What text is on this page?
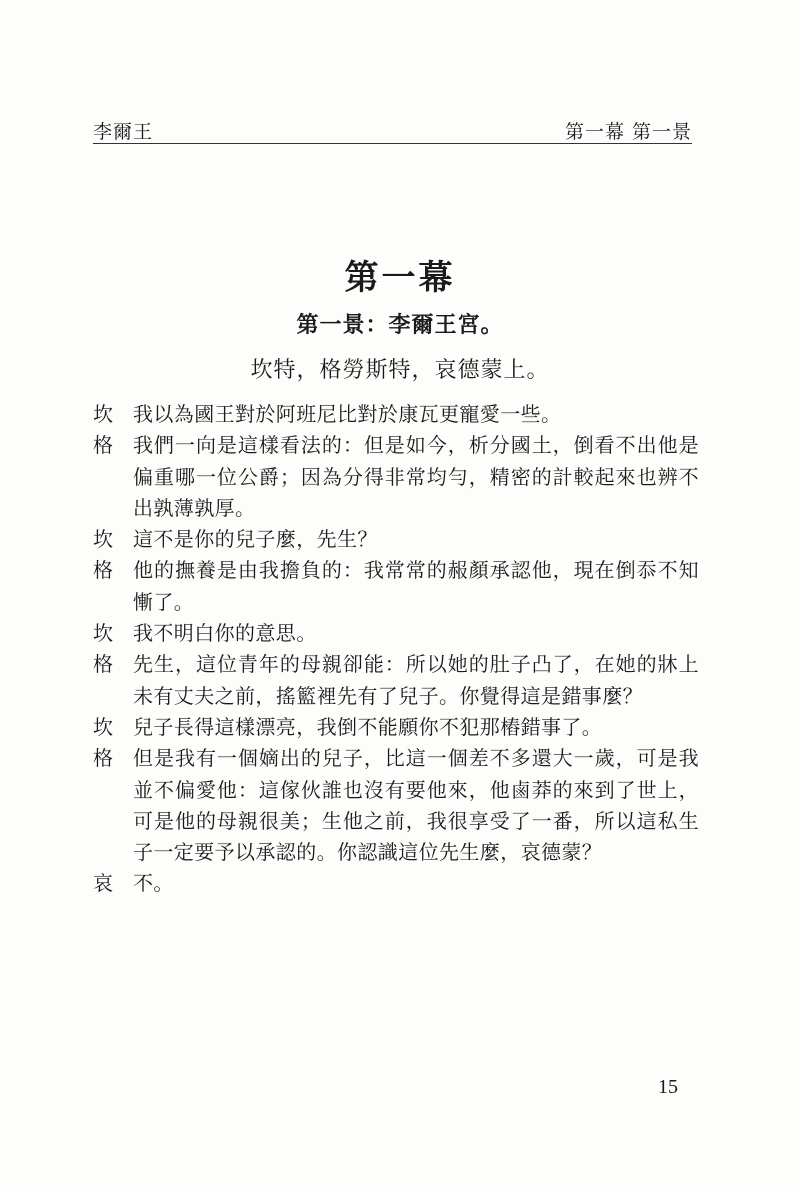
李爾王	第一幕 第一景
第一幕
第一景：李爾王宮。
坎特，格勞斯特，哀德蒙上。
坎	我以為國王對於阿班尼比對於康瓦更寵愛一些。
格	我們一向是這樣看法的：但是如今，析分國土，倒看不出他是偏重哪一位公爵；因為分得非常均勻，精密的計較起來也辨不出孰薄孰厚。
坎	這不是你的兒子麼，先生？
格	他的撫養是由我擔負的：我常常的赧顏承認他，現在倒忝不知慚了。
坎	我不明白你的意思。
格	先生，這位青年的母親卻能：所以她的肚子凸了，在她的牀上未有丈夫之前，搖籃裡先有了兒子。你覺得這是錯事麼？
坎	兒子長得這樣漂亮，我倒不能願你不犯那樁錯事了。
格	但是我有一個嫡出的兒子，比這一個差不多還大一歲，可是我並不偏愛他：這傢伙誰也沒有要他來，他鹵莽的來到了世上，可是他的母親很美；生他之前，我很享受了一番，所以這私生子一定要予以承認的。你認識這位先生麼，哀德蒙？
哀	不。
15
